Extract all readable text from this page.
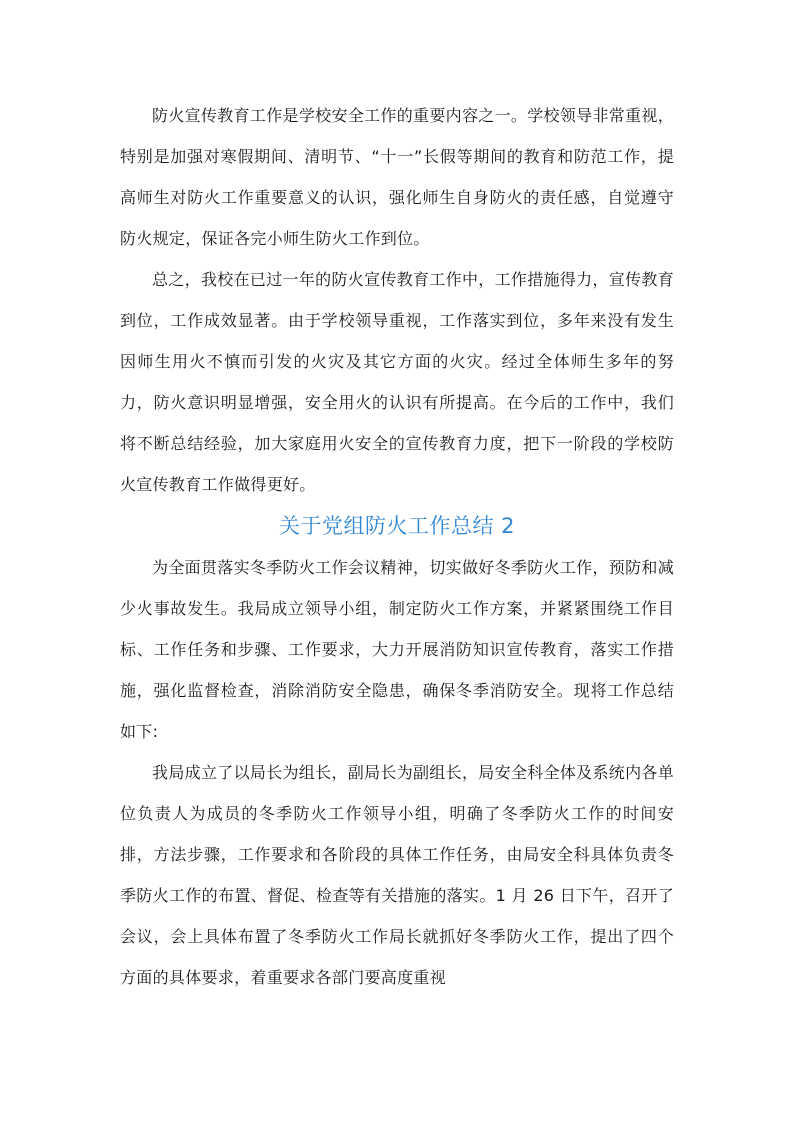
防火宣传教育工作是学校安全工作的重要内容之一。学校领导非常重视，特别是加强对寒假期间、清明节、“十一”长假等期间的教育和防范工作，提高师生对防火工作重要意义的认识，强化师生自身防火的责任感，自觉遵守防火规定，保证各完小师生防火工作到位。

总之，我校在已过一年的防火宣传教育工作中，工作措施得力，宣传教育到位，工作成效显著。由于学校领导重视，工作落实到位，多年来没有发生因师生用火不慎而引发的火灾及其它方面的火灾。经过全体师生多年的努力，防火意识明显增强，安全用火的认识有所提高。在今后的工作中，我们将不断总结经验，加大家庭用火安全的宣传教育力度，把下一阶段的学校防火宣传教育工作做得更好。

关于党组防火工作总结 2

为全面贯落实冬季防火工作会议精神，切实做好冬季防火工作，预防和减少火事故发生。我局成立领导小组，制定防火工作方案，并紧紧围绕工作目标、工作任务和步骤、工作要求，大力开展消防知识宣传教育，落实工作措施，强化监督检查，消除消防安全隐患，确保冬季消防安全。现将工作总结如下:

我局成立了以局长为组长，副局长为副组长，局安全科全体及系统内各单位负责人为成员的冬季防火工作领导小组，明确了冬季防火工作的时间安排，方法步骤，工作要求和各阶段的具体工作任务，由局安全科具体负责冬季防火工作的布置、督促、检查等有关措施的落实。1 月 26 日下午，召开了会议，会上具体布置了冬季防火工作局长就抓好冬季防火工作，提出了四个方面的具体要求，着重要求各部门要高度重视
